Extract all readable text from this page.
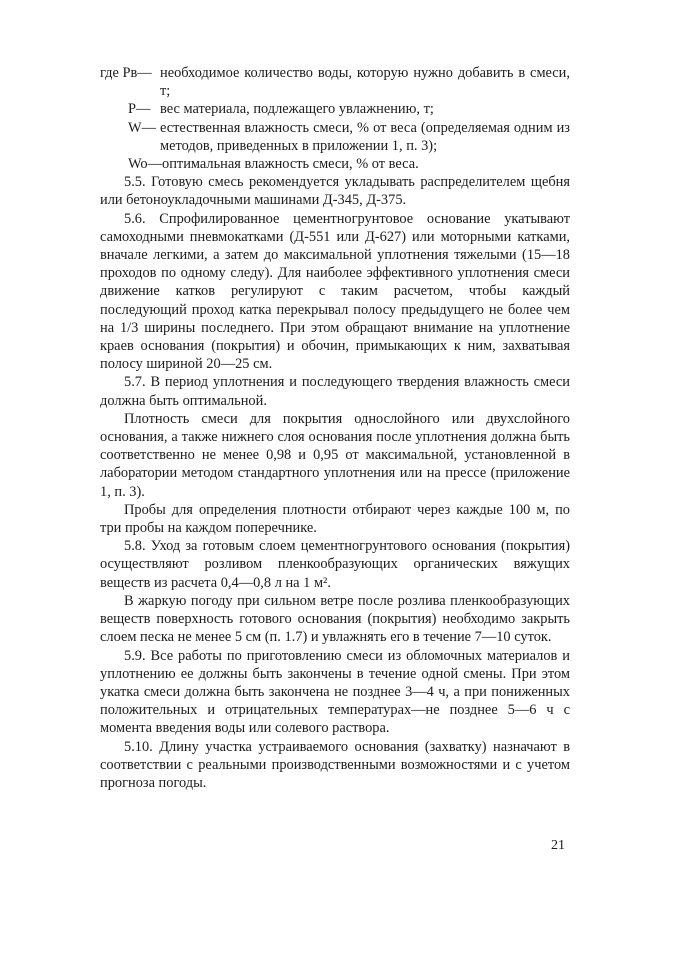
где Pв— необходимое количество воды, которую нужно добавить в смеси, т;
P— вес материала, подлежащего увлажнению, т;
W— естественная влажность смеси, % от веса (определяемая одним из методов, приведенных в приложении 1, п. 3);
Wo— оптимальная влажность смеси, % от веса.

5.5. Готовую смесь рекомендуется укладывать распределителем щебня или бетоноукладочными машинами Д-345, Д-375.

5.6. Спрофилированное цементногрунтовое основание укатывают самоходными пневмокатками (Д-551 или Д-627) или моторными катками, вначале легкими, а затем до максимальной уплотнения тяжелыми (15—18 проходов по одному следу). Для наиболее эффективного уплотнения смеси движение катков регулируют с таким расчетом, чтобы каждый последующий проход катка перекрывал полосу предыдущего не более чем на 1/3 ширины последнего. При этом обращают внимание на уплотнение краев основания (покрытия) и обочин, примыкающих к ним, захватывая полосу шириной 20—25 см.

5.7. В период уплотнения и последующего твердения влажность смеси должна быть оптимальной.

Плотность смеси для покрытия однослойного или двухслойного основания, а также нижнего слоя основания после уплотнения должна быть соответственно не менее 0,98 и 0,95 от максимальной, установленной в лаборатории методом стандартного уплотнения или на прессе (приложение 1, п. 3).

Пробы для определения плотности отбирают через каждые 100 м, по три пробы на каждом поперечнике.

5.8. Уход за готовым слоем цементногрунтового основания (покрытия) осуществляют розливом пленкообразующих органических вяжущих веществ из расчета 0,4—0,8 л на 1 м².

В жаркую погоду при сильном ветре после розлива пленкообразующих веществ поверхность готового основания (покрытия) необходимо закрыть слоем песка не менее 5 см (п. 1.7) и увлажнять его в течение 7—10 суток.

5.9. Все работы по приготовлению смеси из обломочных материалов и уплотнению ее должны быть закончены в течение одной смены. При этом укатка смеси должна быть закончена не позднее 3—4 ч, а при пониженных положительных и отрицательных температурах—не позднее 5—6 ч с момента введения воды или солевого раствора.

5.10. Длину участка устраиваемого основания (захватку) назначают в соответствии с реальными производственными возможностями и с учетом прогноза погоды.

21
